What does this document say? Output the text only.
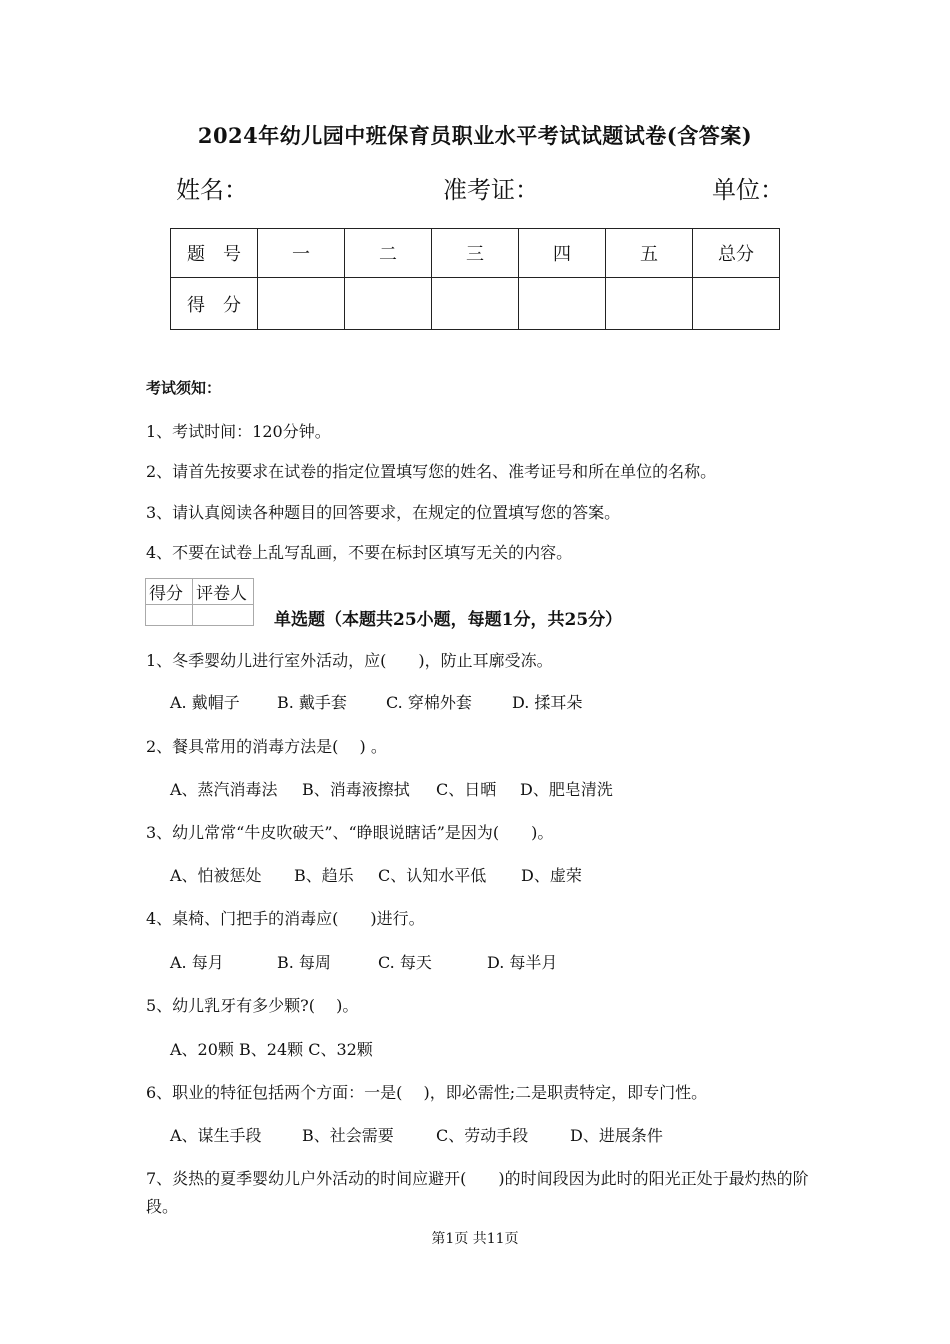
2024年幼儿园中班保育员职业水平考试试题试卷(含答案)
姓名：	准考证：	单位：
题　号	一	二	三	四	五	总分
得　分						
考试须知：
1、考试时间：120分钟。
2、请首先按要求在试卷的指定位置填写您的姓名、准考证号和所在单位的名称。
3、请认真阅读各种题目的回答要求，在规定的位置填写您的答案。
4、不要在试卷上乱写乱画，不要在标封区填写无关的内容。
得分	评卷人

单选题（本题共25小题，每题1分，共25分）
1、冬季婴幼儿进行室外活动，应(　　)，防止耳廓受冻。
A. 戴帽子 B. 戴手套 C. 穿棉外套	D. 揉耳朵
2、餐具常用的消毒方法是(　 ) 。
A、蒸汽消毒法 B、消毒液擦拭 C、日晒 D、肥皂清洗
3、幼儿常常“牛皮吹破天”、“睁眼说瞎话”是因为(　　)。
A、怕被惩处 B、趋乐 C、认知水平低 D、虚荣
4、桌椅、门把手的消毒应(　　)进行。
A. 每月	B. 每周	C. 每天	D. 每半月
5、幼儿乳牙有多少颗?(　 )。
A、20颗 B、24颗 C、32颗
6、职业的特征包括两个方面：一是(　 )，即必需性;二是职责特定，即专门性。
A、谋生手段	B、社会需要	C、劳动手段	D、进展条件
7、炎热的夏季婴幼儿户外活动的时间应避开(　　)的时间段因为此时的阳光正处于最灼热的阶段。
第1页 共11页
